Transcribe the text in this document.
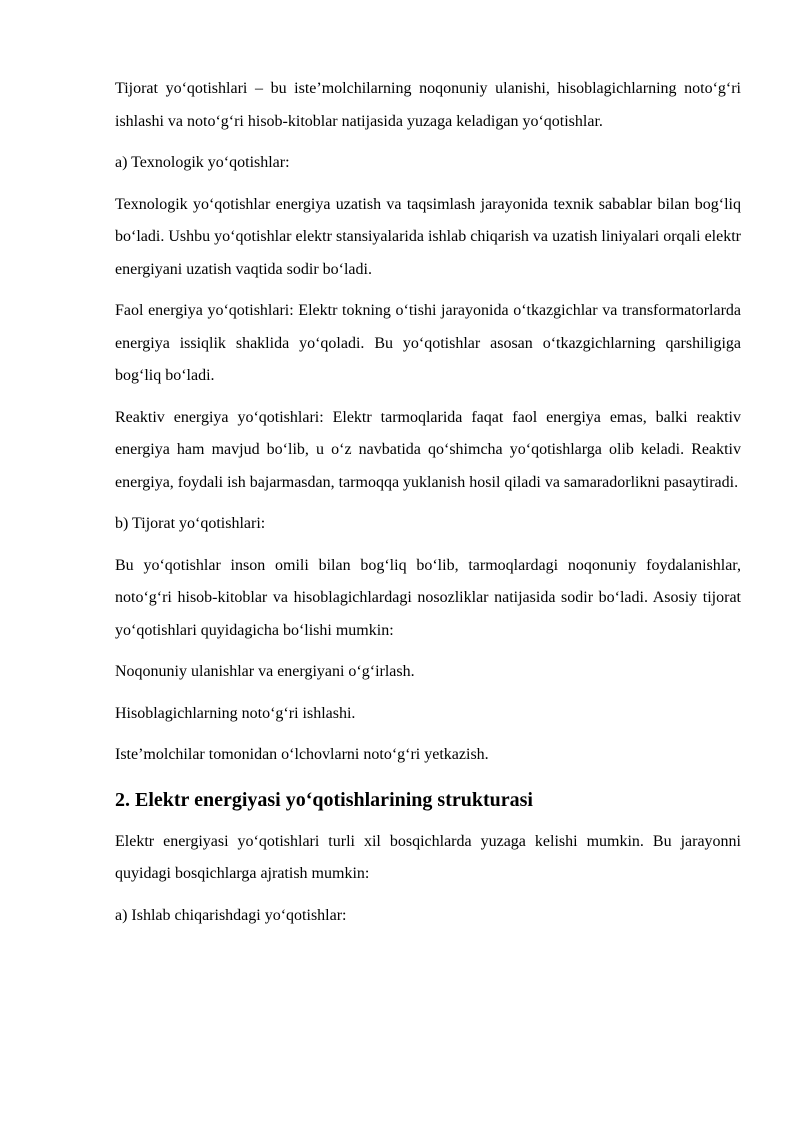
Tijorat yo‘qotishlari – bu iste’molchilarning noqonuniy ulanishi, hisoblagichlarning noto‘g‘ri ishlashi va noto‘g‘ri hisob-kitoblar natijasida yuzaga keladigan yo‘qotishlar.

a) Texnologik yo‘qotishlar:

Texnologik yo‘qotishlar energiya uzatish va taqsimlash jarayonida texnik sabablar bilan bog‘liq bo‘ladi. Ushbu yo‘qotishlar elektr stansiyalarida ishlab chiqarish va uzatish liniyalari orqali elektr energiyani uzatish vaqtida sodir bo‘ladi.

Faol energiya yo‘qotishlari: Elektr tokning o‘tishi jarayonida o‘tkazgichlar va transformatorlarda energiya issiqlik shaklida yo‘qoladi. Bu yo‘qotishlar asosan o‘tkazgichlarning qarshiligiga bog‘liq bo‘ladi.

Reaktiv energiya yo‘qotishlari: Elektr tarmoqlarida faqat faol energiya emas, balki reaktiv energiya ham mavjud bo‘lib, u o‘z navbatida qo‘shimcha yo‘qotishlarga olib keladi. Reaktiv energiya, foydali ish bajarmasdan, tarmoqqa yuklanish hosil qiladi va samaradorlikni pasaytiradi.

b) Tijorat yo‘qotishlari:

Bu yo‘qotishlar inson omili bilan bog‘liq bo‘lib, tarmoqlardagi noqonuniy foydalanishlar, noto‘g‘ri hisob-kitoblar va hisoblagichlardagi nosozliklar natijasida sodir bo‘ladi. Asosiy tijorat yo‘qotishlari quyidagicha bo‘lishi mumkin:

Noqonuniy ulanishlar va energiyani o‘g‘irlash.

Hisoblagichlarning noto‘g‘ri ishlashi.

Iste’molchilar tomonidan o‘lchovlarni noto‘g‘ri yetkazish.

2. Elektr energiyasi yo‘qotishlarining strukturasi

Elektr energiyasi yo‘qotishlari turli xil bosqichlarda yuzaga kelishi mumkin. Bu jarayonni quyidagi bosqichlarga ajratish mumkin:

a) Ishlab chiqarishdagi yo‘qotishlar:
